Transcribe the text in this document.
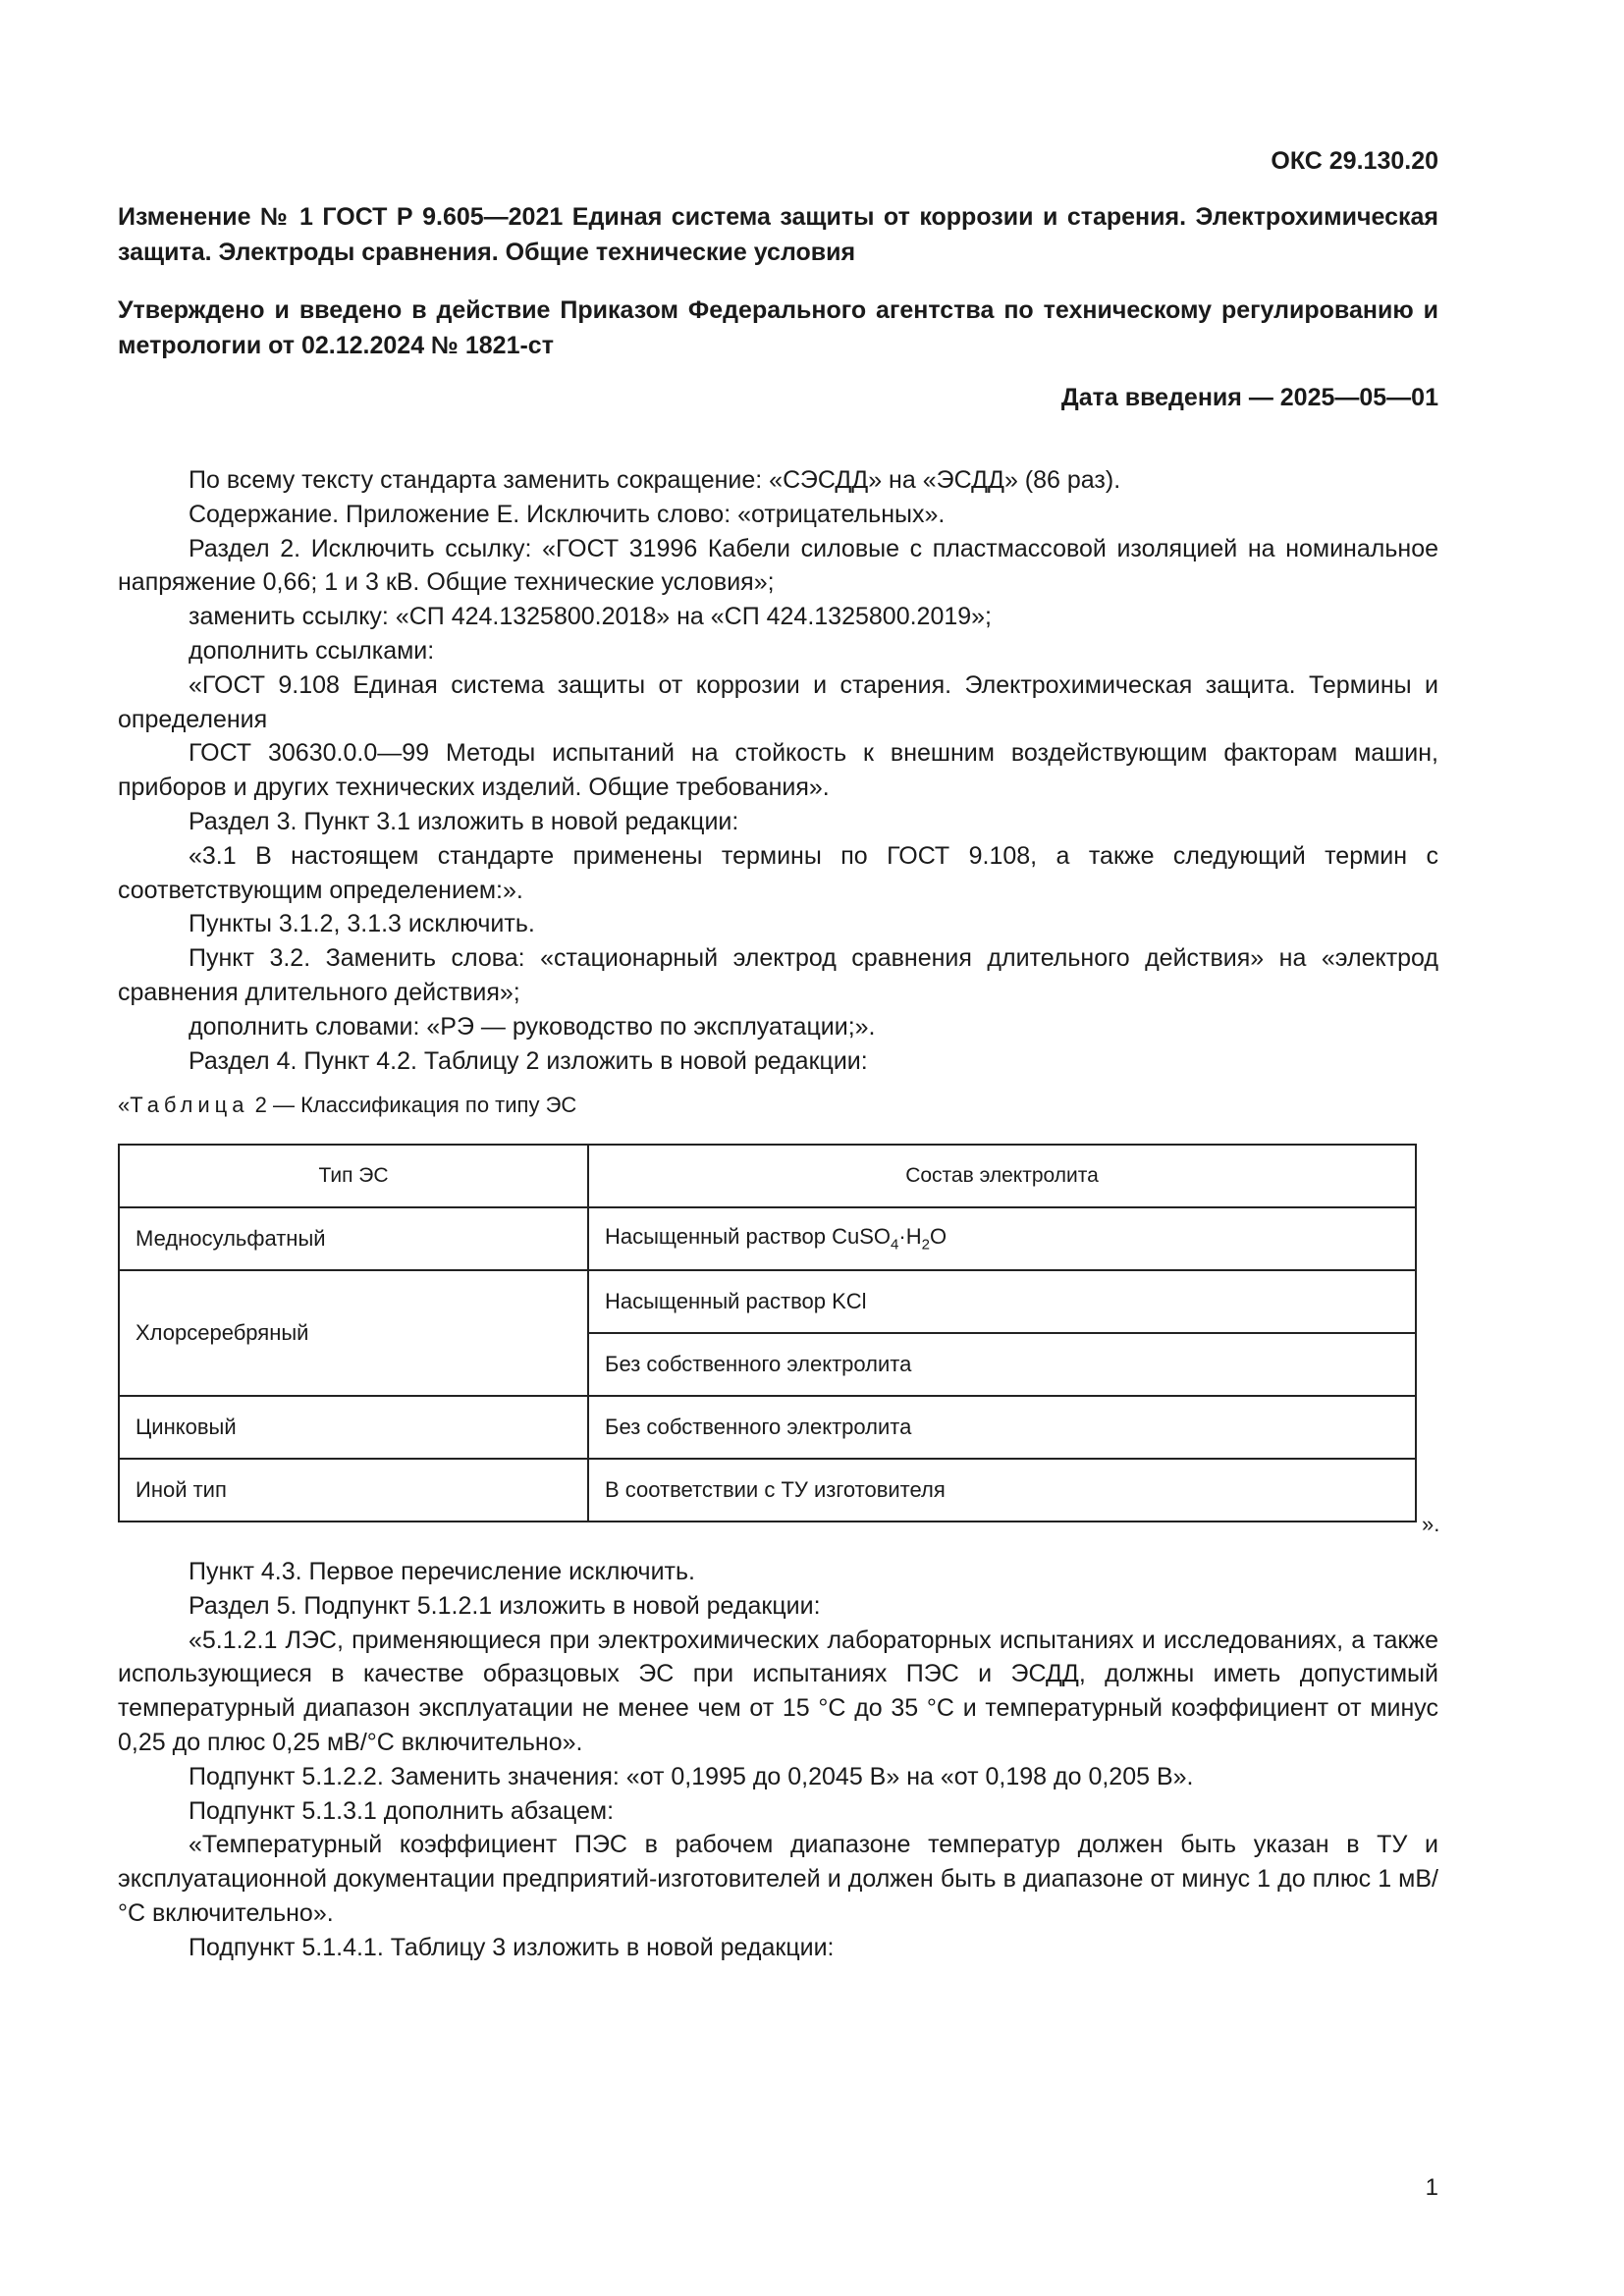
ОКС 29.130.20
Изменение № 1 ГОСТ Р 9.605—2021 Единая система защиты от коррозии и старения. Электрохимическая защита. Электроды сравнения. Общие технические условия
Утверждено и введено в действие Приказом Федерального агентства по техническому регулированию и метрологии от 02.12.2024 № 1821-ст
Дата введения — 2025—05—01

По всему тексту стандарта заменить сокращение: «СЭСДД» на «ЭСДД» (86 раз).

Содержание. Приложение Е. Исключить слово: «отрицательных».

Раздел 2. Исключить ссылку: «ГОСТ 31996 Кабели силовые с пластмассовой изоляцией на номинальное напряжение 0,66; 1 и 3 кВ. Общие технические условия»;

заменить ссылку: «СП 424.1325800.2018» на «СП 424.1325800.2019»;

дополнить ссылками:

«ГОСТ 9.108 Единая система защиты от коррозии и старения. Электрохимическая защита. Термины и определения

ГОСТ 30630.0.0—99 Методы испытаний на стойкость к внешним воздействующим факторам машин, приборов и других технических изделий. Общие требования».

Раздел 3. Пункт 3.1 изложить в новой редакции:

«3.1 В настоящем стандарте применены термины по ГОСТ 9.108, а также следующий термин с соответствующим определением:».

Пункты 3.1.2, 3.1.3 исключить.

Пункт 3.2. Заменить слова: «стационарный электрод сравнения длительного действия» на «электрод сравнения длительного действия»;

дополнить словами: «РЭ — руководство по эксплуатации;».

Раздел 4. Пункт 4.2. Таблицу 2 изложить в новой редакции:

«Таблица 2 — Классификация по типу ЭС
Тип ЭС	Состав электролита
Медносульфатный	Насыщенный раствор $CuSO_4\cdot H_2O$
Хлорсеребряный	Насыщенный раствор KCl
Без собственного электролита
Цинковый	Без собственного электролита
Иной тип	В соответствии с ТУ изготовителя
».

Пункт 4.3. Первое перечисление исключить.

Раздел 5. Подпункт 5.1.2.1 изложить в новой редакции:

«5.1.2.1 ЛЭС, применяющиеся при электрохимических лабораторных испытаниях и исследованиях, а также использующиеся в качестве образцовых ЭС при испытаниях ПЭС и ЭСДД, должны иметь допустимый температурный диапазон эксплуатации не менее чем от 15 °С до 35 °С и температурный коэффициент от минус 0,25 до плюс 0,25 мВ/°С включительно».

Подпункт 5.1.2.2. Заменить значения: «от 0,1995 до 0,2045 В» на «от 0,198 до 0,205 В».

Подпункт 5.1.3.1 дополнить абзацем:

«Температурный коэффициент ПЭС в рабочем диапазоне температур должен быть указан в ТУ и эксплуатационной документации предприятий-изготовителей и должен быть в диапазоне от минус 1 до плюс 1 мВ/°С включительно».

Подпункт 5.1.4.1. Таблицу 3 изложить в новой редакции:

1
